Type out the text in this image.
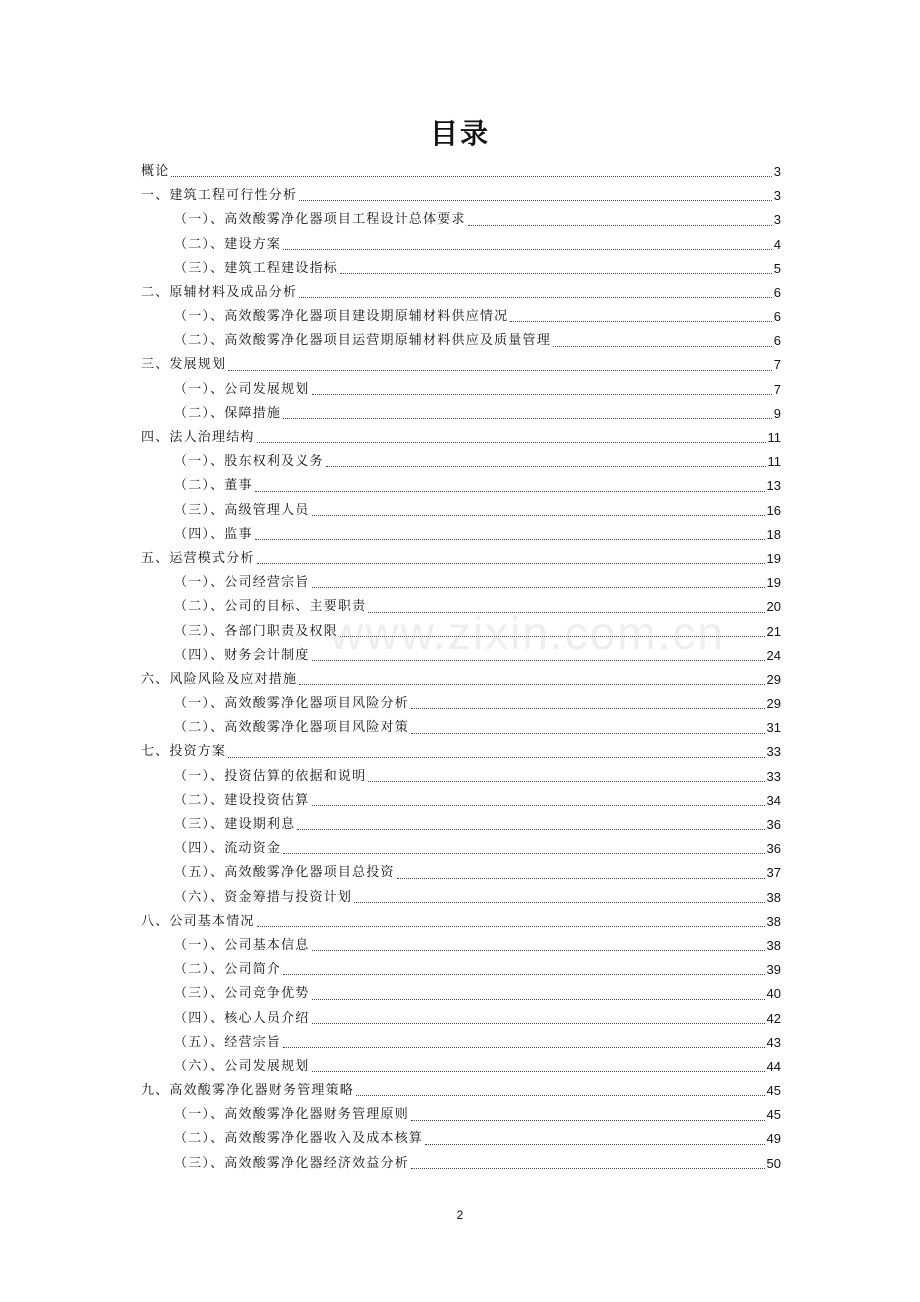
目录
概论	3
一、建筑工程可行性分析	3
（一）、高效酸雾净化器项目工程设计总体要求	3
（二）、建设方案	4
（三）、建筑工程建设指标	5
二、原辅材料及成品分析	6
（一）、高效酸雾净化器项目建设期原辅材料供应情况	6
（二）、高效酸雾净化器项目运营期原辅材料供应及质量管理	6
三、发展规划	7
（一）、公司发展规划	7
（二）、保障措施	9
四、法人治理结构	11
（一）、股东权利及义务	11
（二）、董事	13
（三）、高级管理人员	16
（四）、监事	18
五、运营模式分析	19
（一）、公司经营宗旨	19
（二）、公司的目标、主要职责	20
（三）、各部门职责及权限	21
（四）、财务会计制度	24
六、风险风险及应对措施	29
（一）、高效酸雾净化器项目风险分析	29
（二）、高效酸雾净化器项目风险对策	31
七、投资方案	33
（一）、投资估算的依据和说明	33
（二）、建设投资估算	34
（三）、建设期利息	36
（四）、流动资金	36
（五）、高效酸雾净化器项目总投资	37
（六）、资金筹措与投资计划	38
八、公司基本情况	38
（一）、公司基本信息	38
（二）、公司简介	39
（三）、公司竞争优势	40
（四）、核心人员介绍	42
（五）、经营宗旨	43
（六）、公司发展规划	44
九、高效酸雾净化器财务管理策略	45
（一）、高效酸雾净化器财务管理原则	45
（二）、高效酸雾净化器收入及成本核算	49
（三）、高效酸雾净化器经济效益分析	50
www.zixin.com.cn
2
